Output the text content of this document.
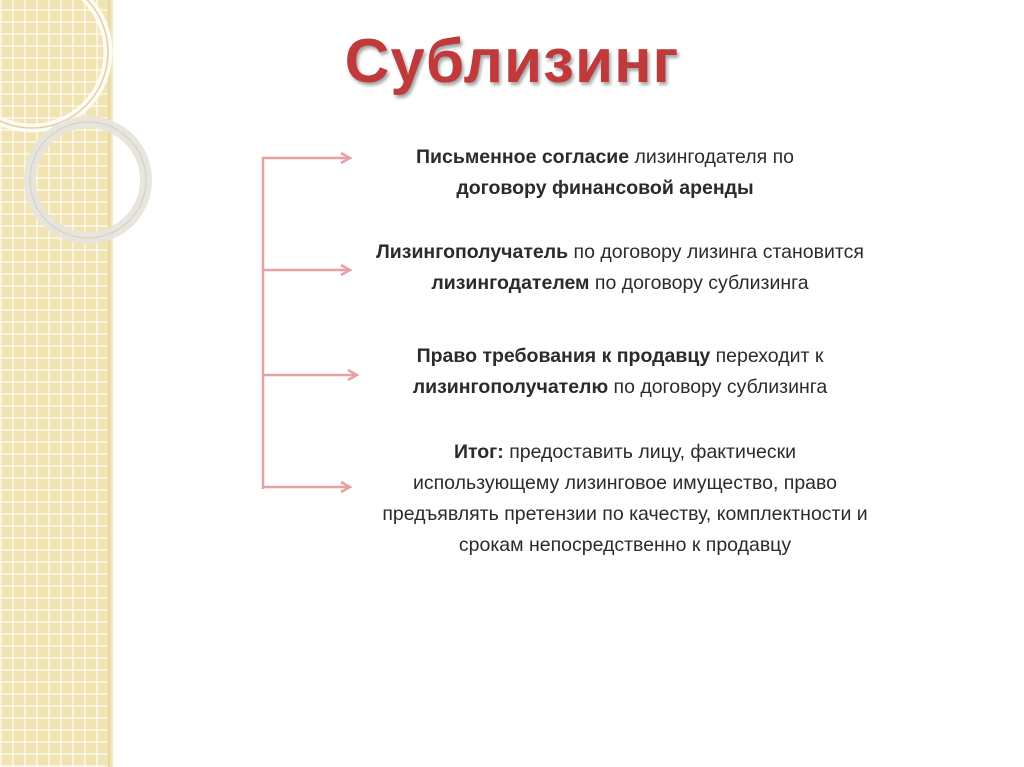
Сублизинг
Письменное согласие лизингодателя по
договору финансовой аренды
Лизингополучатель по договору лизинга становится
лизингодателем по договору сублизинга
Право требования к продавцу переходит к
лизингополучателю по договору сублизинга
Итог: предоставить лицу, фактически
использующему лизинговое имущество, право
предъявлять претензии по качеству, комплектности и
срокам непосредственно к продавцу
